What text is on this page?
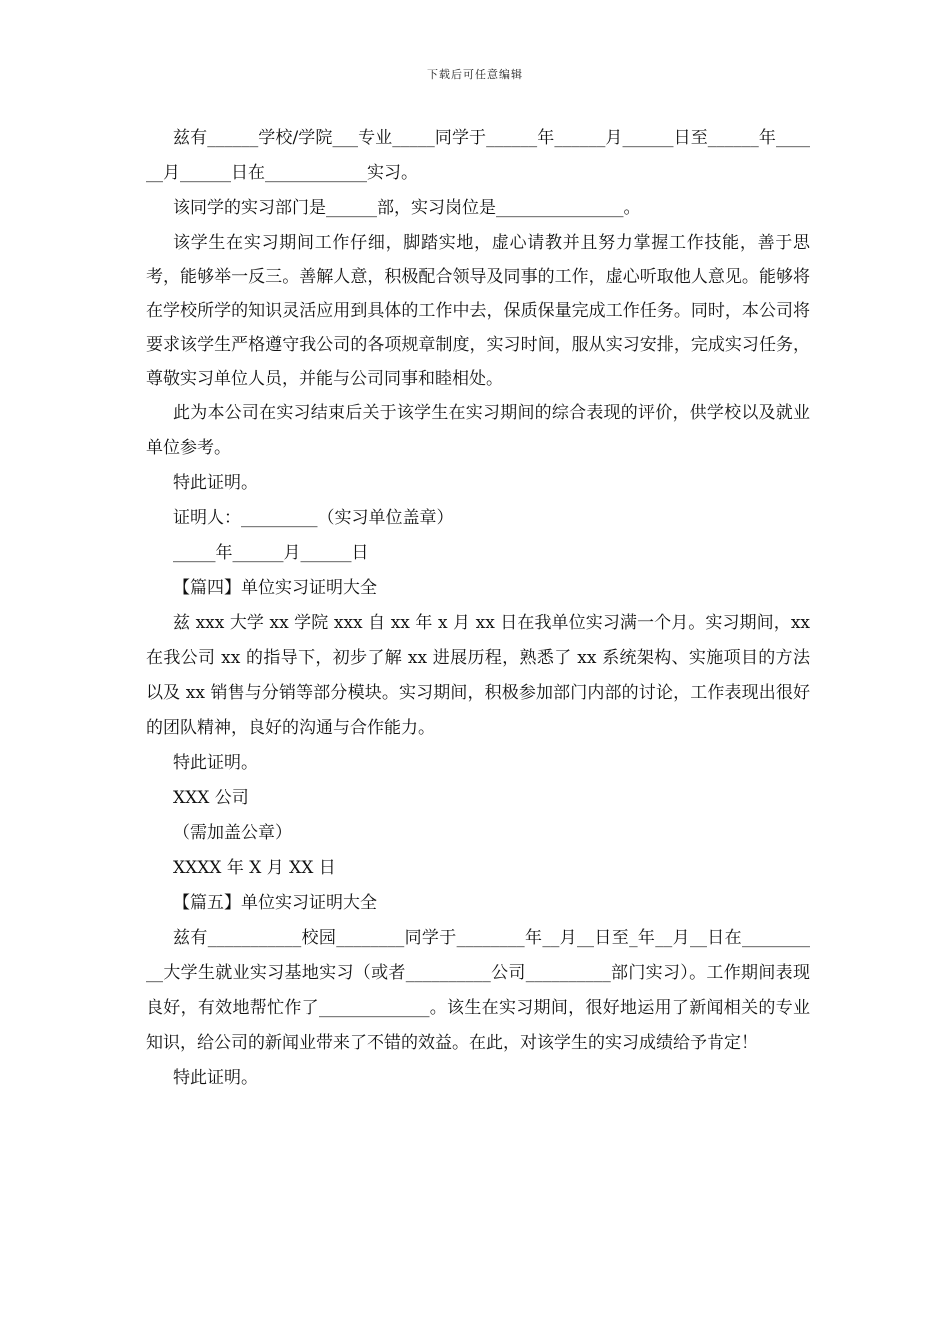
下载后可任意编辑

兹有______学校/学院___专业_____同学于______年______月______日至______年______月______日在____________实习。

该同学的实习部门是______部，实习岗位是_______________。

该学生在实习期间工作仔细，脚踏实地，虚心请教并且努力掌握工作技能，善于思考，能够举一反三。善解人意，积极配合领导及同事的工作，虚心听取他人意见。能够将在学校所学的知识灵活应用到具体的工作中去，保质保量完成工作任务。同时，本公司将要求该学生严格遵守我公司的各项规章制度，实习时间，服从实习安排，完成实习任务，尊敬实习单位人员，并能与公司同事和睦相处。

此为本公司在实习结束后关于该学生在实习期间的综合表现的评价，供学校以及就业单位参考。

特此证明。

证明人：_________（实习单位盖章）

_____年______月______日

【篇四】单位实习证明大全

兹 xxx 大学 xx 学院 xxx 自 xx 年 x 月 xx 日在我单位实习满一个月。实习期间，xx 在我公司 xx 的指导下，初步了解 xx 进展历程，熟悉了 xx 系统架构、实施项目的方法以及 xx 销售与分销等部分模块。实习期间，积极参加部门内部的讨论，工作表现出很好的团队精神，良好的沟通与合作能力。

特此证明。

XXX 公司

（需加盖公章）

XXXX 年 X 月 XX 日

【篇五】单位实习证明大全

兹有___________校园________同学于________年__月__日至_年__月__日在__________大学生就业实习基地实习（或者__________公司__________部门实习）。工作期间表现良好，有效地帮忙作了_____________。该生在实习期间，很好地运用了新闻相关的专业知识，给公司的新闻业带来了不错的效益。在此，对该学生的实习成绩给予肯定！

特此证明。
